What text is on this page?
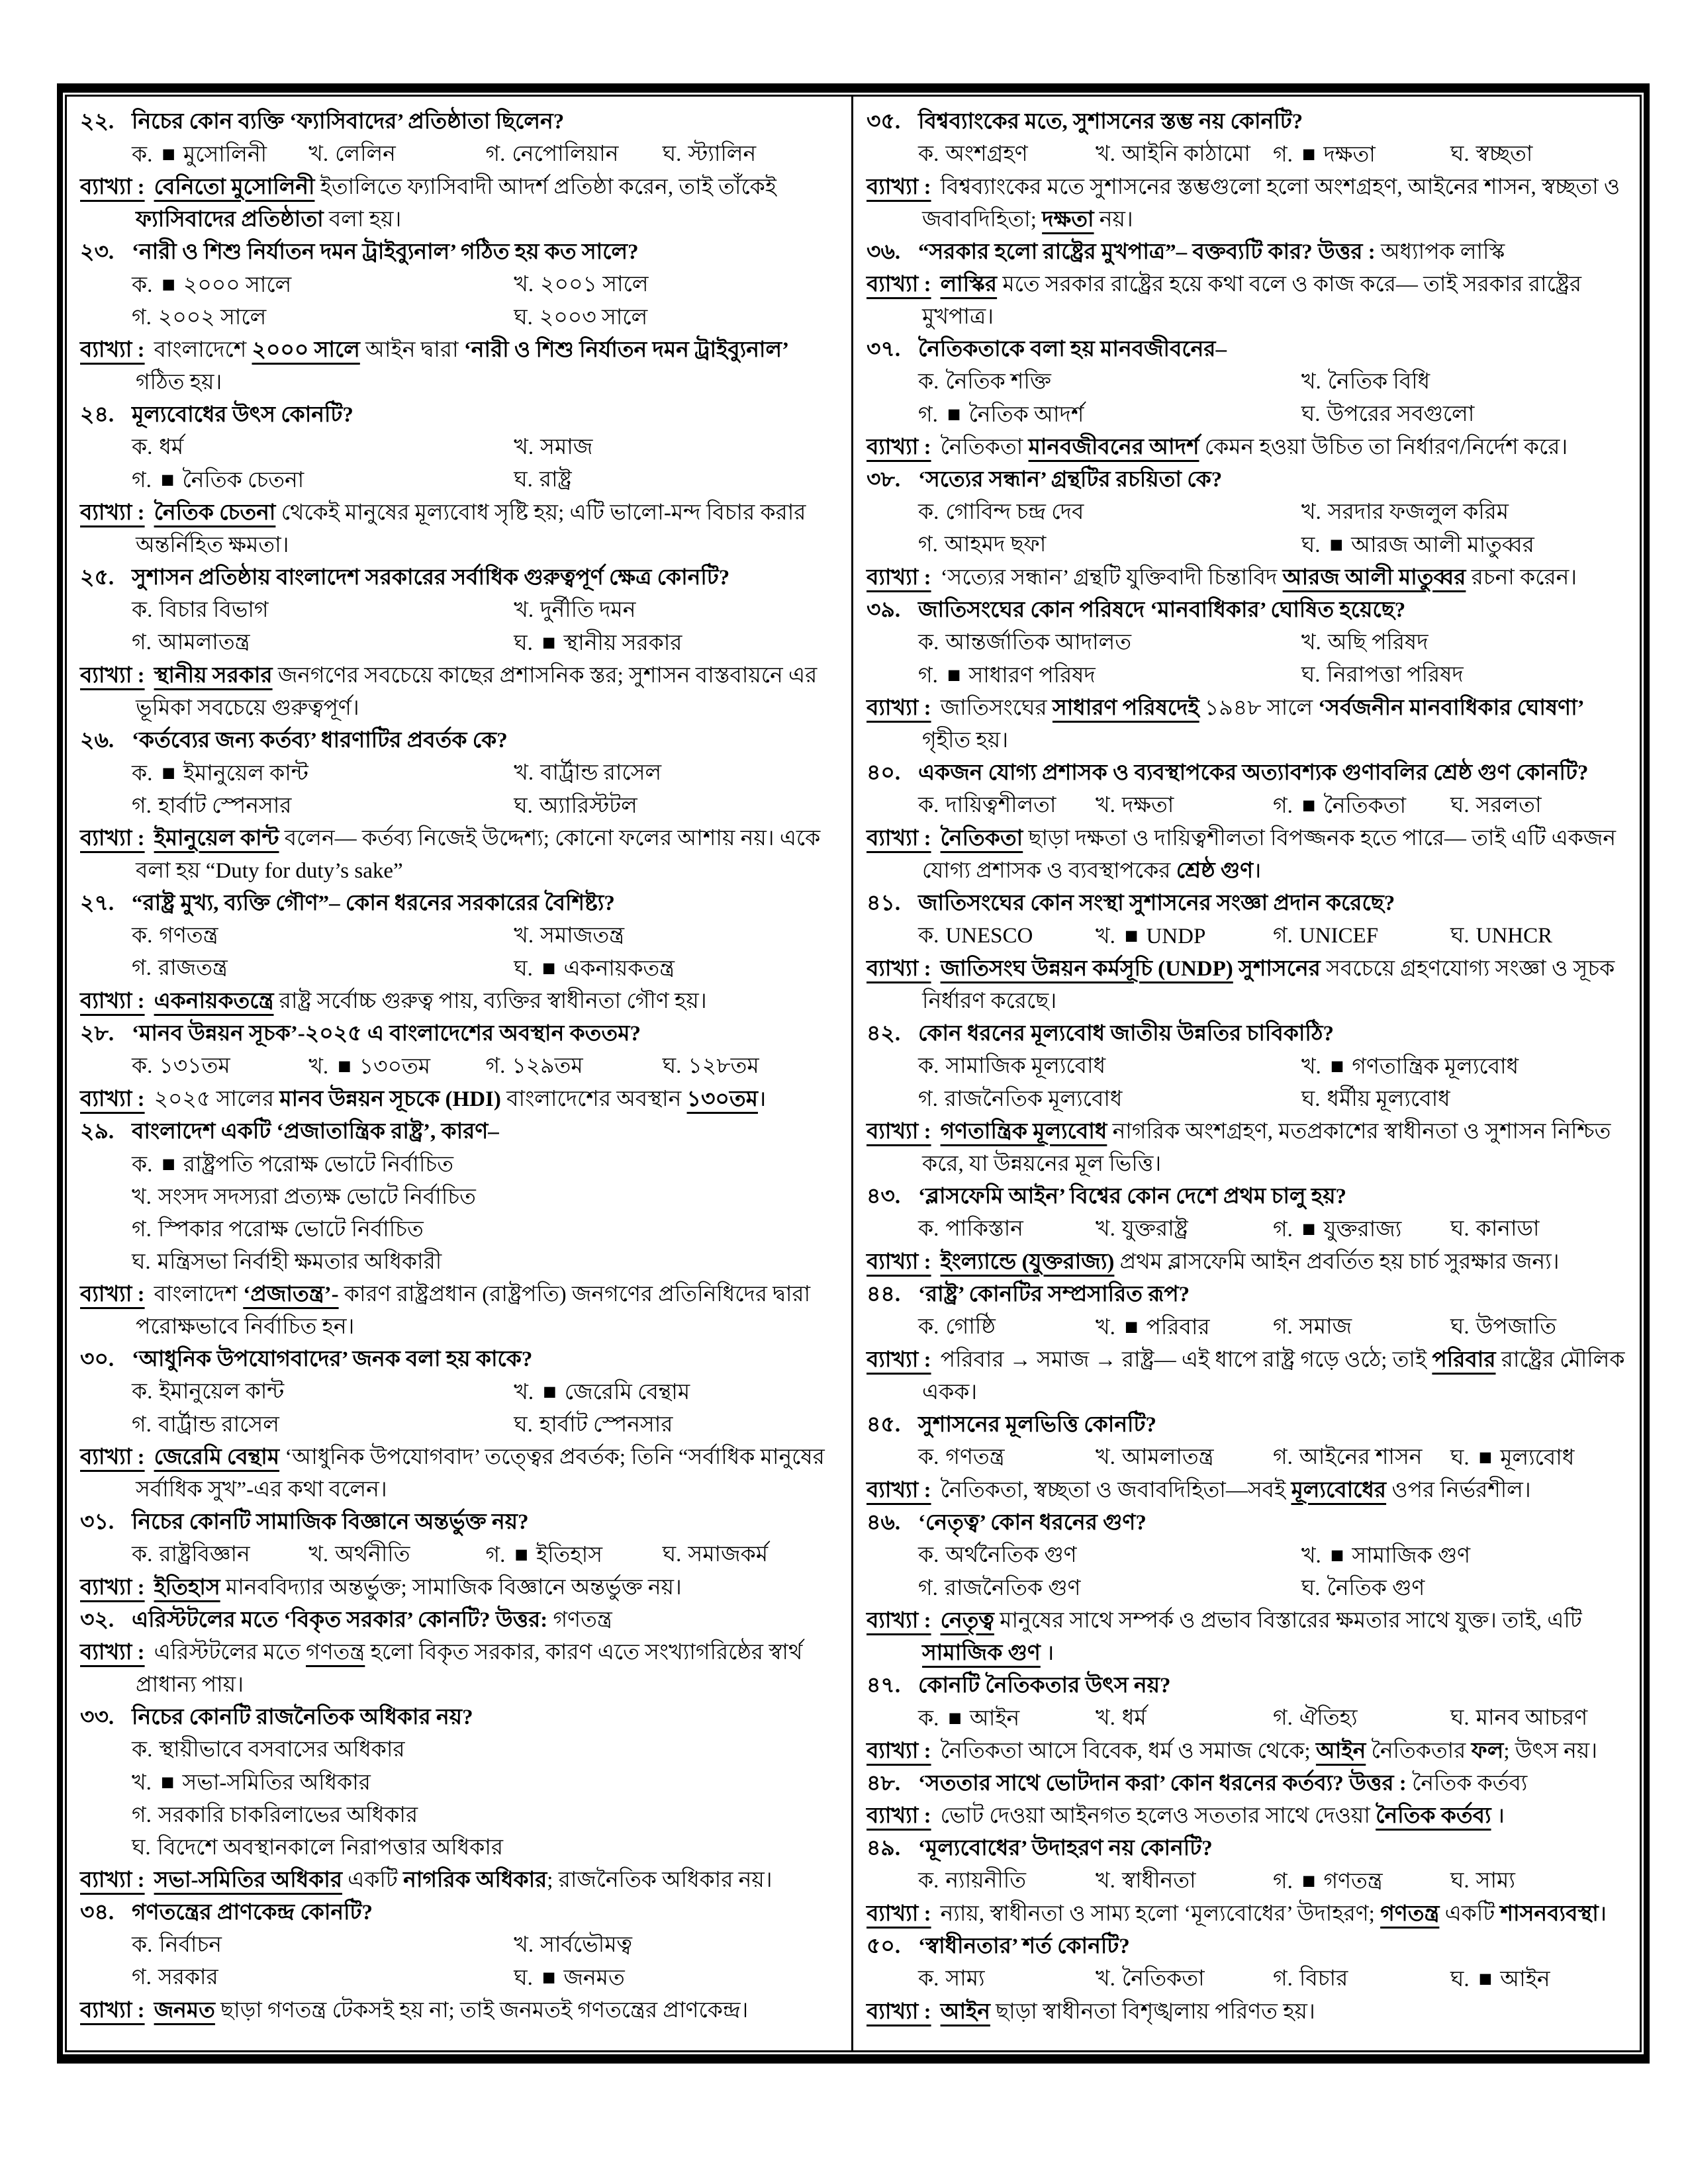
২২. নিচের কোন ব্যক্তি ‘ফ্যাসিবাদের’ প্রতিষ্ঠাতা ছিলেন?
ক. ■ মুসোলিনী	খ. লেলিন	গ. নেপোলিয়ান	ঘ. স্ট্যালিন
ব্যাখ্যা : বেনিতো মুসোলিনী ইতালিতে ফ্যাসিবাদী আদর্শ প্রতিষ্ঠা করেন, তাই তাঁকেই ফ্যাসিবাদের প্রতিষ্ঠাতা বলা হয়।
২৩. ‘নারী ও শিশু নির্যাতন দমন ট্রাইব্যুনাল’ গঠিত হয় কত সালে?
ক. ■ ২০০০ সালে	খ. ২০০১ সালে
গ. ২০০২ সালে	ঘ. ২০০৩ সালে
ব্যাখ্যা : বাংলাদেশে ২০০০ সালে আইন দ্বারা ‘নারী ও শিশু নির্যাতন দমন ট্রাইব্যুনাল’ গঠিত হয়।
২৪. মূল্যবোধের উৎস কোনটি?
ক. ধর্ম	খ. সমাজ
গ. ■ নৈতিক চেতনা	ঘ. রাষ্ট্র
ব্যাখ্যা : নৈতিক চেতনা থেকেই মানুষের মূল্যবোধ সৃষ্টি হয়; এটি ভালো-মন্দ বিচার করার অন্তর্নিহিত ক্ষমতা।
২৫. সুশাসন প্রতিষ্ঠায় বাংলাদেশ সরকারের সর্বাধিক গুরুত্বপূর্ণ ক্ষেত্র কোনটি?
ক. বিচার বিভাগ	খ. দুর্নীতি দমন
গ. আমলাতন্ত্র	ঘ. ■ স্থানীয় সরকার
ব্যাখ্যা : স্থানীয় সরকার জনগণের সবচেয়ে কাছের প্রশাসনিক স্তর; সুশাসন বাস্তবায়নে এর ভূমিকা সবচেয়ে গুরুত্বপূর্ণ।
২৬. ‘কর্তব্যের জন্য কর্তব্য’ ধারণাটির প্রবর্তক কে?
ক. ■ ইমানুয়েল কান্ট	খ. বার্ট্রান্ড রাসেল
গ. হার্বাট স্পেনসার	ঘ. অ্যারিস্টটল
ব্যাখ্যা : ইমানুয়েল কান্ট বলেন— কর্তব্য নিজেই উদ্দেশ্য; কোনো ফলের আশায় নয়। একে বলা হয় “Duty for duty’s sake”
২৭. “রাষ্ট্র মুখ্য, ব্যক্তি গৌণ”– কোন ধরনের সরকারের বৈশিষ্ট্য?
ক. গণতন্ত্র	খ. সমাজতন্ত্র
গ. রাজতন্ত্র	ঘ. ■ একনায়কতন্ত্র
ব্যাখ্যা : একনায়কতন্ত্রে রাষ্ট্র সর্বোচ্চ গুরুত্ব পায়, ব্যক্তির স্বাধীনতা গৌণ হয়।
২৮. ‘মানব উন্নয়ন সূচক’-২০২৫ এ বাংলাদেশের অবস্থান কততম?
ক. ১৩১তম	খ. ■ ১৩০তম	গ. ১২৯তম	ঘ. ১২৮তম
ব্যাখ্যা : ২০২৫ সালের মানব উন্নয়ন সূচকে (HDI) বাংলাদেশের অবস্থান ১৩০তম।
২৯. বাংলাদেশ একটি ‘প্রজাতান্ত্রিক রাষ্ট্র’, কারণ–
ক. ■ রাষ্ট্রপতি পরোক্ষ ভোটে নির্বাচিত
খ. সংসদ সদস্যরা প্রত্যক্ষ ভোটে নির্বাচিত
গ. স্পিকার পরোক্ষ ভোটে নির্বাচিত
ঘ. মন্ত্রিসভা নির্বাহী ক্ষমতার অধিকারী
ব্যাখ্যা : বাংলাদেশ ‘প্রজাতন্ত্র’- কারণ রাষ্ট্রপ্রধান (রাষ্ট্রপতি) জনগণের প্রতিনিধিদের দ্বারা পরোক্ষভাবে নির্বাচিত হন।
৩০. ‘আধুনিক উপযোগবাদের’ জনক বলা হয় কাকে?
ক. ইমানুয়েল কান্ট	খ. ■ জেরেমি বেন্থাম
গ. বার্ট্রান্ড রাসেল	ঘ. হার্বাট স্পেনসার
ব্যাখ্যা : জেরেমি বেন্থাম ‘আধুনিক উপযোগবাদ’ তত্ত্বের প্রবর্তক; তিনি “সর্বাধিক মানুষের সর্বাধিক সুখ”-এর কথা বলেন।
৩১. নিচের কোনটি সামাজিক বিজ্ঞানে অন্তর্ভুক্ত নয়?
ক. রাষ্ট্রবিজ্ঞান	খ. অর্থনীতি	গ. ■ ইতিহাস	ঘ. সমাজকর্ম
ব্যাখ্যা : ইতিহাস মানববিদ্যার অন্তর্ভুক্ত; সামাজিক বিজ্ঞানে অন্তর্ভুক্ত নয়।
৩২. এরিস্টটলের মতে ‘বিকৃত সরকার’ কোনটি? উত্তর: গণতন্ত্র
ব্যাখ্যা : এরিস্টটলের মতে গণতন্ত্র হলো বিকৃত সরকার, কারণ এতে সংখ্যাগরিষ্ঠের স্বার্থ প্রাধান্য পায়।
৩৩. নিচের কোনটি রাজনৈতিক অধিকার নয়?
ক. স্থায়ীভাবে বসবাসের অধিকার
খ. ■ সভা-সমিতির অধিকার
গ. সরকারি চাকরিলাভের অধিকার
ঘ. বিদেশে অবস্থানকালে নিরাপত্তার অধিকার
ব্যাখ্যা : সভা-সমিতির অধিকার একটি নাগরিক অধিকার; রাজনৈতিক অধিকার নয়।
৩৪. গণতন্ত্রের প্রাণকেন্দ্র কোনটি?
ক. নির্বাচন	খ. সার্বভৌমত্ব
গ. সরকার	ঘ. ■ জনমত
ব্যাখ্যা : জনমত ছাড়া গণতন্ত্র টেকসই হয় না; তাই জনমতই গণতন্ত্রের প্রাণকেন্দ্র।
৩৫. বিশ্বব্যাংকের মতে, সুশাসনের স্তম্ভ নয় কোনটি?
ক. অংশগ্রহণ	খ. আইনি কাঠামো	গ. ■ দক্ষতা	ঘ. স্বচ্ছতা
ব্যাখ্যা : বিশ্বব্যাংকের মতে সুশাসনের স্তম্ভগুলো হলো অংশগ্রহণ, আইনের শাসন, স্বচ্ছতা ও জবাবদিহিতা; দক্ষতা নয়।
৩৬. “সরকার হলো রাষ্ট্রের মুখপাত্র”– বক্তব্যটি কার? উত্তর : অধ্যাপক লাস্কি
ব্যাখ্যা : লাস্কির মতে সরকার রাষ্ট্রের হয়ে কথা বলে ও কাজ করে— তাই সরকার রাষ্ট্রের মুখপাত্র।
৩৭. নৈতিকতাকে বলা হয় মানবজীবনের–
ক. নৈতিক শক্তি	খ. নৈতিক বিধি
গ. ■ নৈতিক আদর্শ	ঘ. উপরের সবগুলো
ব্যাখ্যা : নৈতিকতা মানবজীবনের আদর্শ কেমন হওয়া উচিত তা নির্ধারণ/নির্দেশ করে।
৩৮. ‘সত্যের সন্ধান’ গ্রন্থটির রচয়িতা কে?
ক. গোবিন্দ চন্দ্র দেব	খ. সরদার ফজলুল করিম
গ. আহমদ ছফা	ঘ. ■ আরজ আলী মাতুব্বর
ব্যাখ্যা : ‘সত্যের সন্ধান’ গ্রন্থটি যুক্তিবাদী চিন্তাবিদ আরজ আলী মাতুব্বর রচনা করেন।
৩৯. জাতিসংঘের কোন পরিষদে ‘মানবাধিকার’ ঘোষিত হয়েছে?
ক. আন্তর্জাতিক আদালত	খ. অছি পরিষদ
গ. ■ সাধারণ পরিষদ	ঘ. নিরাপত্তা পরিষদ
ব্যাখ্যা : জাতিসংঘের সাধারণ পরিষদেই ১৯৪৮ সালে ‘সর্বজনীন মানবাধিকার ঘোষণা’ গৃহীত হয়।
৪০. একজন যোগ্য প্রশাসক ও ব্যবস্থাপকের অত্যাবশ্যক গুণাবলির শ্রেষ্ঠ গুণ কোনটি?
ক. দায়িত্বশীলতা	খ. দক্ষতা	গ. ■ নৈতিকতা	ঘ. সরলতা
ব্যাখ্যা : নৈতিকতা ছাড়া দক্ষতা ও দায়িত্বশীলতা বিপজ্জনক হতে পারে— তাই এটি একজন যোগ্য প্রশাসক ও ব্যবস্থাপকের শ্রেষ্ঠ গুণ।
৪১. জাতিসংঘের কোন সংস্থা সুশাসনের সংজ্ঞা প্রদান করেছে?
ক. UNESCO	খ. ■ UNDP	গ. UNICEF	ঘ. UNHCR
ব্যাখ্যা : জাতিসংঘ উন্নয়ন কর্মসূচি (UNDP) সুশাসনের সবচেয়ে গ্রহণযোগ্য সংজ্ঞা ও সূচক নির্ধারণ করেছে।
৪২. কোন ধরনের মূল্যবোধ জাতীয় উন্নতির চাবিকাঠি?
ক. সামাজিক মূল্যবোধ	খ. ■ গণতান্ত্রিক মূল্যবোধ
গ. রাজনৈতিক মূল্যবোধ	ঘ. ধর্মীয় মূল্যবোধ
ব্যাখ্যা : গণতান্ত্রিক মূল্যবোধ নাগরিক অংশগ্রহণ, মতপ্রকাশের স্বাধীনতা ও সুশাসন নিশ্চিত করে, যা উন্নয়নের মূল ভিত্তি।
৪৩. ‘ব্লাসফেমি আইন’ বিশ্বের কোন দেশে প্রথম চালু হয়?
ক. পাকিস্তান	খ. যুক্তরাষ্ট্র	গ. ■ যুক্তরাজ্য	ঘ. কানাডা
ব্যাখ্যা : ইংল্যান্ডে (যুক্তরাজ্য) প্রথম ব্লাসফেমি আইন প্রবর্তিত হয় চার্চ সুরক্ষার জন্য।
৪৪. ‘রাষ্ট্র’ কোনটির সম্প্রসারিত রূপ?
ক. গোষ্ঠি	খ. ■ পরিবার	গ. সমাজ	ঘ. উপজাতি
ব্যাখ্যা : পরিবার → সমাজ → রাষ্ট্র— এই ধাপে রাষ্ট্র গড়ে ওঠে; তাই পরিবার রাষ্ট্রের মৌলিক একক।
৪৫. সুশাসনের মূলভিত্তি কোনটি?
ক. গণতন্ত্র	খ. আমলাতন্ত্র	গ. আইনের শাসন	ঘ. ■ মূল্যবোধ
ব্যাখ্যা : নৈতিকতা, স্বচ্ছতা ও জবাবদিহিতা—সবই মূল্যবোধের ওপর নির্ভরশীল।
৪৬. ‘নেতৃত্ব’ কোন ধরনের গুণ?
ক. অর্থনৈতিক গুণ	খ. ■ সামাজিক গুণ
গ. রাজনৈতিক গুণ	ঘ. নৈতিক গুণ
ব্যাখ্যা : নেতৃত্ব মানুষের সাথে সম্পর্ক ও প্রভাব বিস্তারের ক্ষমতার সাথে যুক্ত। তাই, এটি সামাজিক গুণ ।
৪৭. কোনটি নৈতিকতার উৎস নয়?
ক. ■ আইন	খ. ধর্ম	গ. ঐতিহ্য	ঘ. মানব আচরণ
ব্যাখ্যা : নৈতিকতা আসে বিবেক, ধর্ম ও সমাজ থেকে; আইন নৈতিকতার ফল; উৎস নয়।
৪৮. ‘সততার সাথে ভোটদান করা’ কোন ধরনের কর্তব্য? উত্তর : নৈতিক কর্তব্য
ব্যাখ্যা : ভোট দেওয়া আইনগত হলেও সততার সাথে দেওয়া নৈতিক কর্তব্য ।
৪৯. ‘মূল্যবোধের’ উদাহরণ নয় কোনটি?
ক. ন্যায়নীতি	খ. স্বাধীনতা	গ. ■ গণতন্ত্র	ঘ. সাম্য
ব্যাখ্যা : ন্যায়, স্বাধীনতা ও সাম্য হলো ‘মূল্যবোধের’ উদাহরণ; গণতন্ত্র একটি শাসনব্যবস্থা।
৫০. ‘স্বাধীনতার’ শর্ত কোনটি?
ক. সাম্য	খ. নৈতিকতা	গ. বিচার	ঘ. ■ আইন
ব্যাখ্যা : আইন ছাড়া স্বাধীনতা বিশৃঙ্খলায় পরিণত হয়।
